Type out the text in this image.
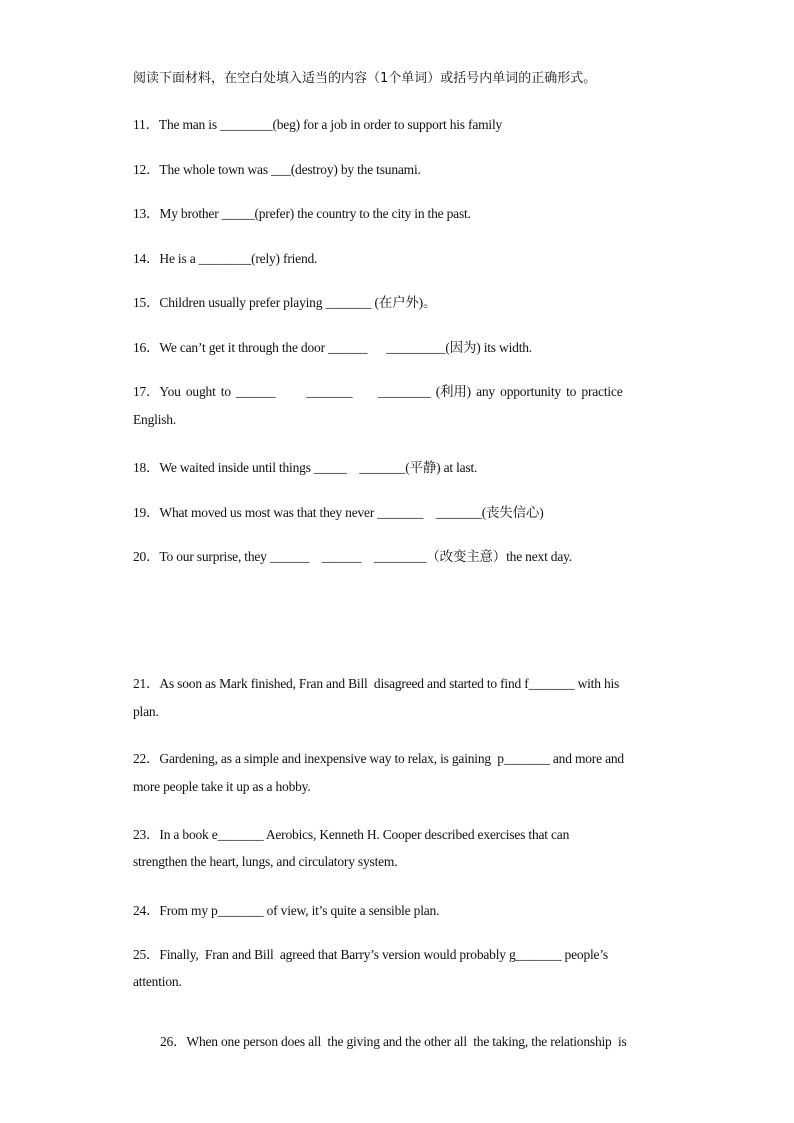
阅读下面材料，在空白处填入适当的内容（1个单词）或括号内单词的正确形式。
11．The man is ________(beg) for a job in order to support his family
12．The whole town was ___(destroy) by the tsunami.
13．My brother _____(prefer) the country to the city in the past.
14．He is a ________(rely) friend.
15．Children usually prefer playing _______ (在户外)。
16．We can’t get it through the door ______      _________(因为) its width.
17．You ought to ______      _______     ________ (利用) any opportunity to practice
English.
18．We waited inside until things _____    _______(平静) at last.
19．What moved us most was that they never _______    _______(丧失信心)
20．To our surprise, they ______    ______    ________（改变主意）the next day.
21．As soon as Mark finished, Fran and Bill  disagreed and started to find f_______ with his
plan.
22．Gardening, as a simple and inexpensive way to relax, is gaining  p_______ and more and
more people take it up as a hobby.
23．In a book e_______ Aerobics, Kenneth H. Cooper described exercises that can
strengthen the heart, lungs, and circulatory system.
24．From my p_______ of view, it’s quite a sensible plan.
25．Finally,  Fran and Bill  agreed that Barry’s version would probably g_______ people’s
attention.
26．When one person does all  the giving and the other all  the taking, the relationship  is
